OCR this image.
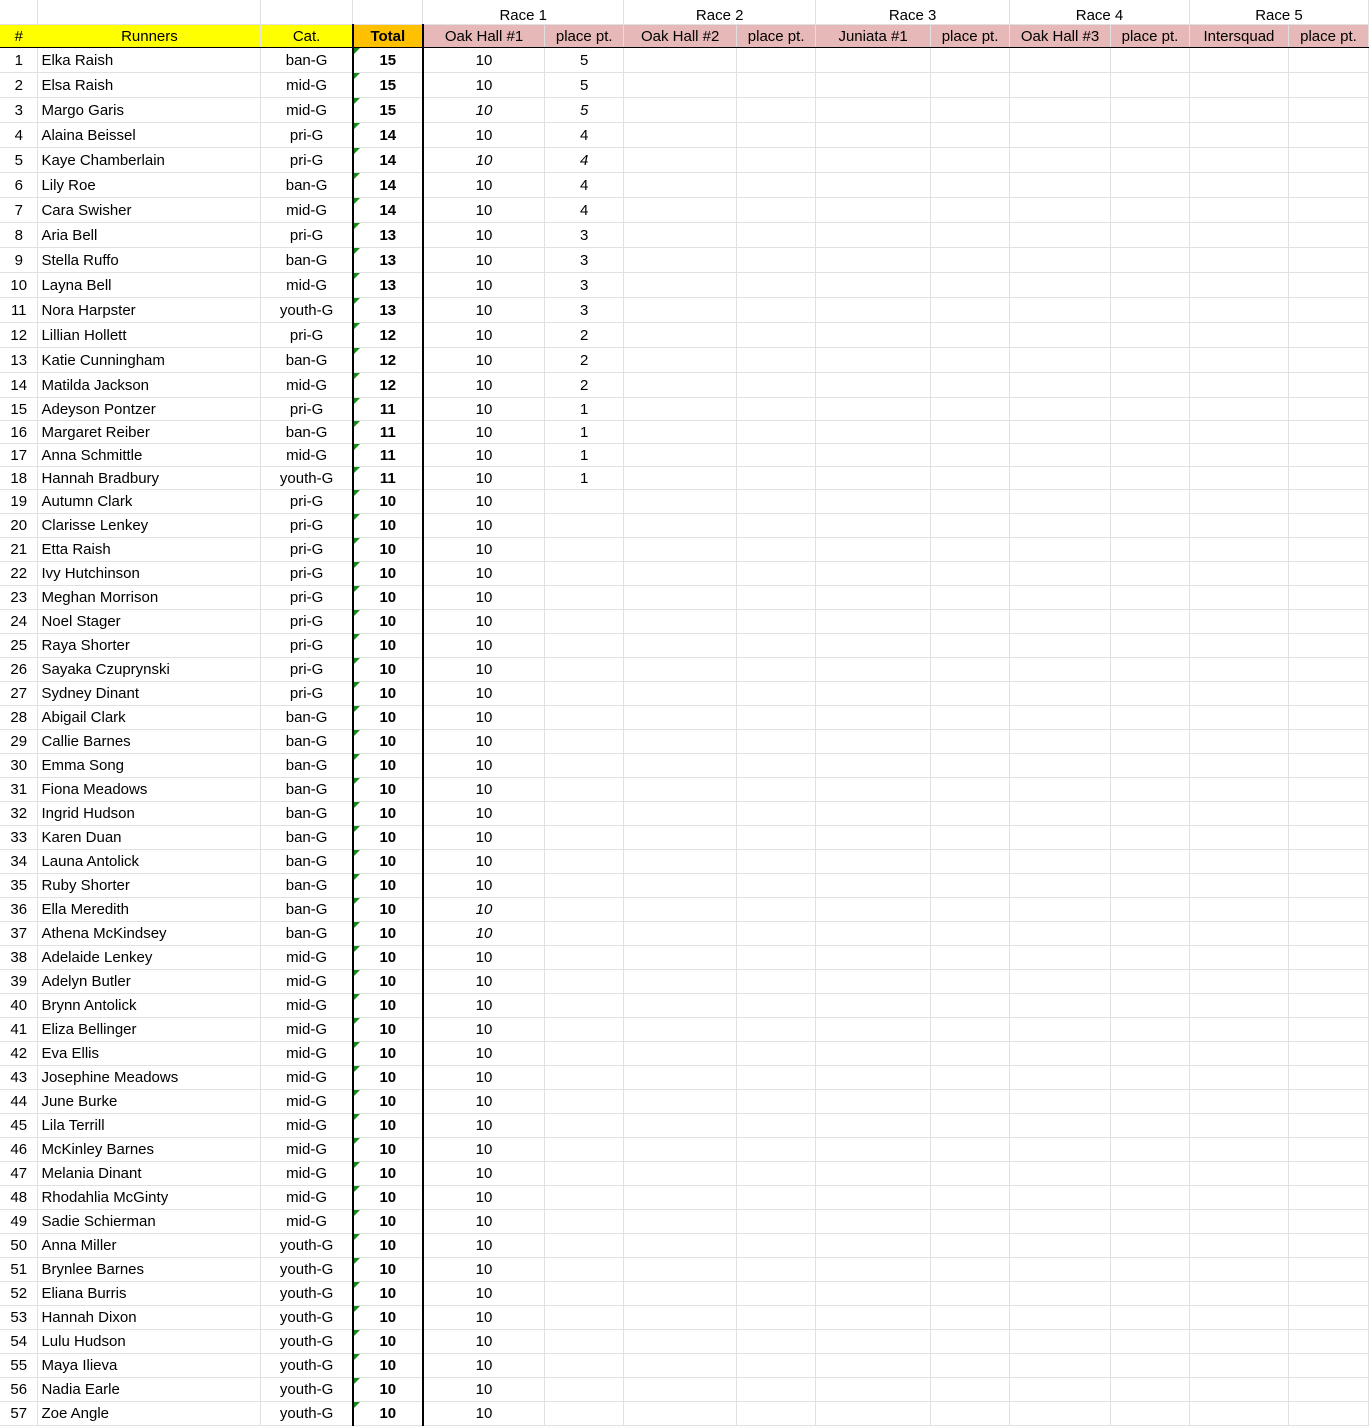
				Race 1		Race 2		Race 3		Race 4		Race 5	
#	Runners	Cat.	Total	Oak Hall #1	place pt.	Oak Hall #2	place pt.	Juniata #1	place pt.	Oak Hall #3	place pt.	Intersquad	place pt.
1	Elka Raish	ban-G	15	10	5								
2	Elsa Raish	mid-G	15	10	5								
3	Margo Garis	mid-G	15	10	5								
4	Alaina Beissel	pri-G	14	10	4								
5	Kaye Chamberlain	pri-G	14	10	4								
6	Lily Roe	ban-G	14	10	4								
7	Cara Swisher	mid-G	14	10	4								
8	Aria Bell	pri-G	13	10	3								
9	Stella Ruffo	ban-G	13	10	3								
10	Layna Bell	mid-G	13	10	3								
11	Nora Harpster	youth-G	13	10	3								
12	Lillian Hollett	pri-G	12	10	2								
13	Katie Cunningham	ban-G	12	10	2								
14	Matilda Jackson	mid-G	12	10	2								
15	Adeyson Pontzer	pri-G	11	10	1								
16	Margaret Reiber	ban-G	11	10	1								
17	Anna Schmittle	mid-G	11	10	1								
18	Hannah Bradbury	youth-G	11	10	1								
19	Autumn Clark	pri-G	10	10									
20	Clarisse Lenkey	pri-G	10	10									
21	Etta Raish	pri-G	10	10									
22	Ivy Hutchinson	pri-G	10	10									
23	Meghan Morrison	pri-G	10	10									
24	Noel Stager	pri-G	10	10									
25	Raya Shorter	pri-G	10	10									
26	Sayaka Czuprynski	pri-G	10	10									
27	Sydney Dinant	pri-G	10	10									
28	Abigail Clark	ban-G	10	10									
29	Callie Barnes	ban-G	10	10									
30	Emma Song	ban-G	10	10									
31	Fiona Meadows	ban-G	10	10									
32	Ingrid Hudson	ban-G	10	10									
33	Karen Duan	ban-G	10	10									
34	Launa Antolick	ban-G	10	10									
35	Ruby Shorter	ban-G	10	10									
36	Ella Meredith	ban-G	10	10									
37	Athena McKindsey	ban-G	10	10									
38	Adelaide Lenkey	mid-G	10	10									
39	Adelyn Butler	mid-G	10	10									
40	Brynn Antolick	mid-G	10	10									
41	Eliza Bellinger	mid-G	10	10									
42	Eva Ellis	mid-G	10	10									
43	Josephine Meadows	mid-G	10	10									
44	June Burke	mid-G	10	10									
45	Lila Terrill	mid-G	10	10									
46	McKinley Barnes	mid-G	10	10									
47	Melania Dinant	mid-G	10	10									
48	Rhodahlia McGinty	mid-G	10	10									
49	Sadie Schierman	mid-G	10	10									
50	Anna Miller	youth-G	10	10									
51	Brynlee Barnes	youth-G	10	10									
52	Eliana Burris	youth-G	10	10									
53	Hannah Dixon	youth-G	10	10									
54	Lulu Hudson	youth-G	10	10									
55	Maya Ilieva	youth-G	10	10									
56	Nadia Earle	youth-G	10	10									
57	Zoe Angle	youth-G	10	10									
